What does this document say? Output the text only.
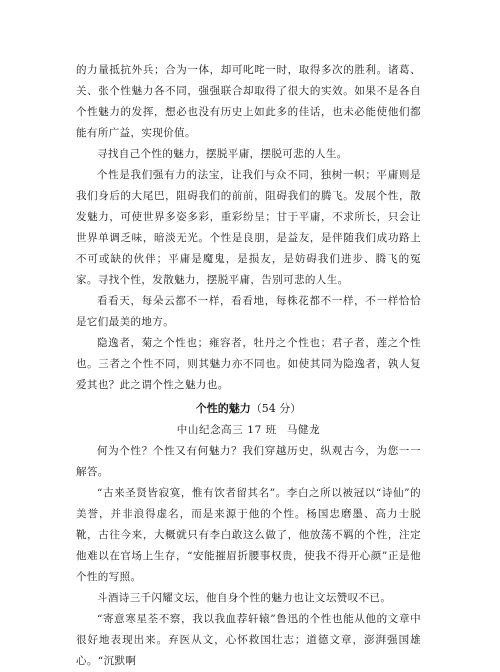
的力量抵抗外兵；合为一体，却可叱咤一时，取得多次的胜利。诸葛、关、张个性魅力各不同，强强联合却取得了很大的实效。如果不是各自个性魅力的发挥，想必也没有历史上如此多的佳话，也未必能使他们都能有所广益，实现价值。

寻找自己个性的魅力，摆脱平庸，摆脱可悲的人生。

个性是我们强有力的法宝，让我们与众不同，独树一帜；平庸则是我们身后的大尾巴，阻碍我们的前前，阻碍我们的腾飞。发展个性，散发魅力，可使世界多姿多彩，重彩纷呈；甘于平庸，不求所长，只会让世界单调乏味，暗淡无光。个性是良朋，是益友，是伴随我们成功路上不可或缺的伙伴；平庸是魔鬼，是损友，是妨碍我们进步、腾飞的冤家。寻找个性，发散魅力，摆脱平庸，告别可悲的人生。

看看天，每朵云都不一样，看看地，每株花都不一样，不一样恰恰是它们最美的地方。

隐逸者，菊之个性也；雍容者，牡丹之个性也；君子者，莲之个性也。三者之个性不同，则其魅力亦不同也。如使其同为隐逸者，孰人复爱其也？此之谓个性之魅力也。

个性的魅力（54 分）
中山纪念高三 17 班 马健龙

何为个性？个性又有何魅力？我们穿越历史，纵观古今，为您一一解答。

“古来圣贤皆寂寞，惟有饮者留其名”。李白之所以被冠以“诗仙”的美誉，并非浪得虚名，而是来源于他的个性。杨国忠磨墨、高力士脱靴，古往今来，大概就只有李白敢这么做了，他放荡不羁的个性，注定他难以在官场上生存，“安能摧眉折腰事权贵，使我不得开心颜”正是他个性的写照。

斗酒诗三千闪耀文坛，他自身个性的魅力也让文坛赞叹不已。

“寄意寒星荃不察，我以我血荐轩辕”鲁迅的个性也能从他的文章中很好地表现出来。弃医从文，心怀救国壮志；道德文章，澎湃强国雄心。“沉默啊
